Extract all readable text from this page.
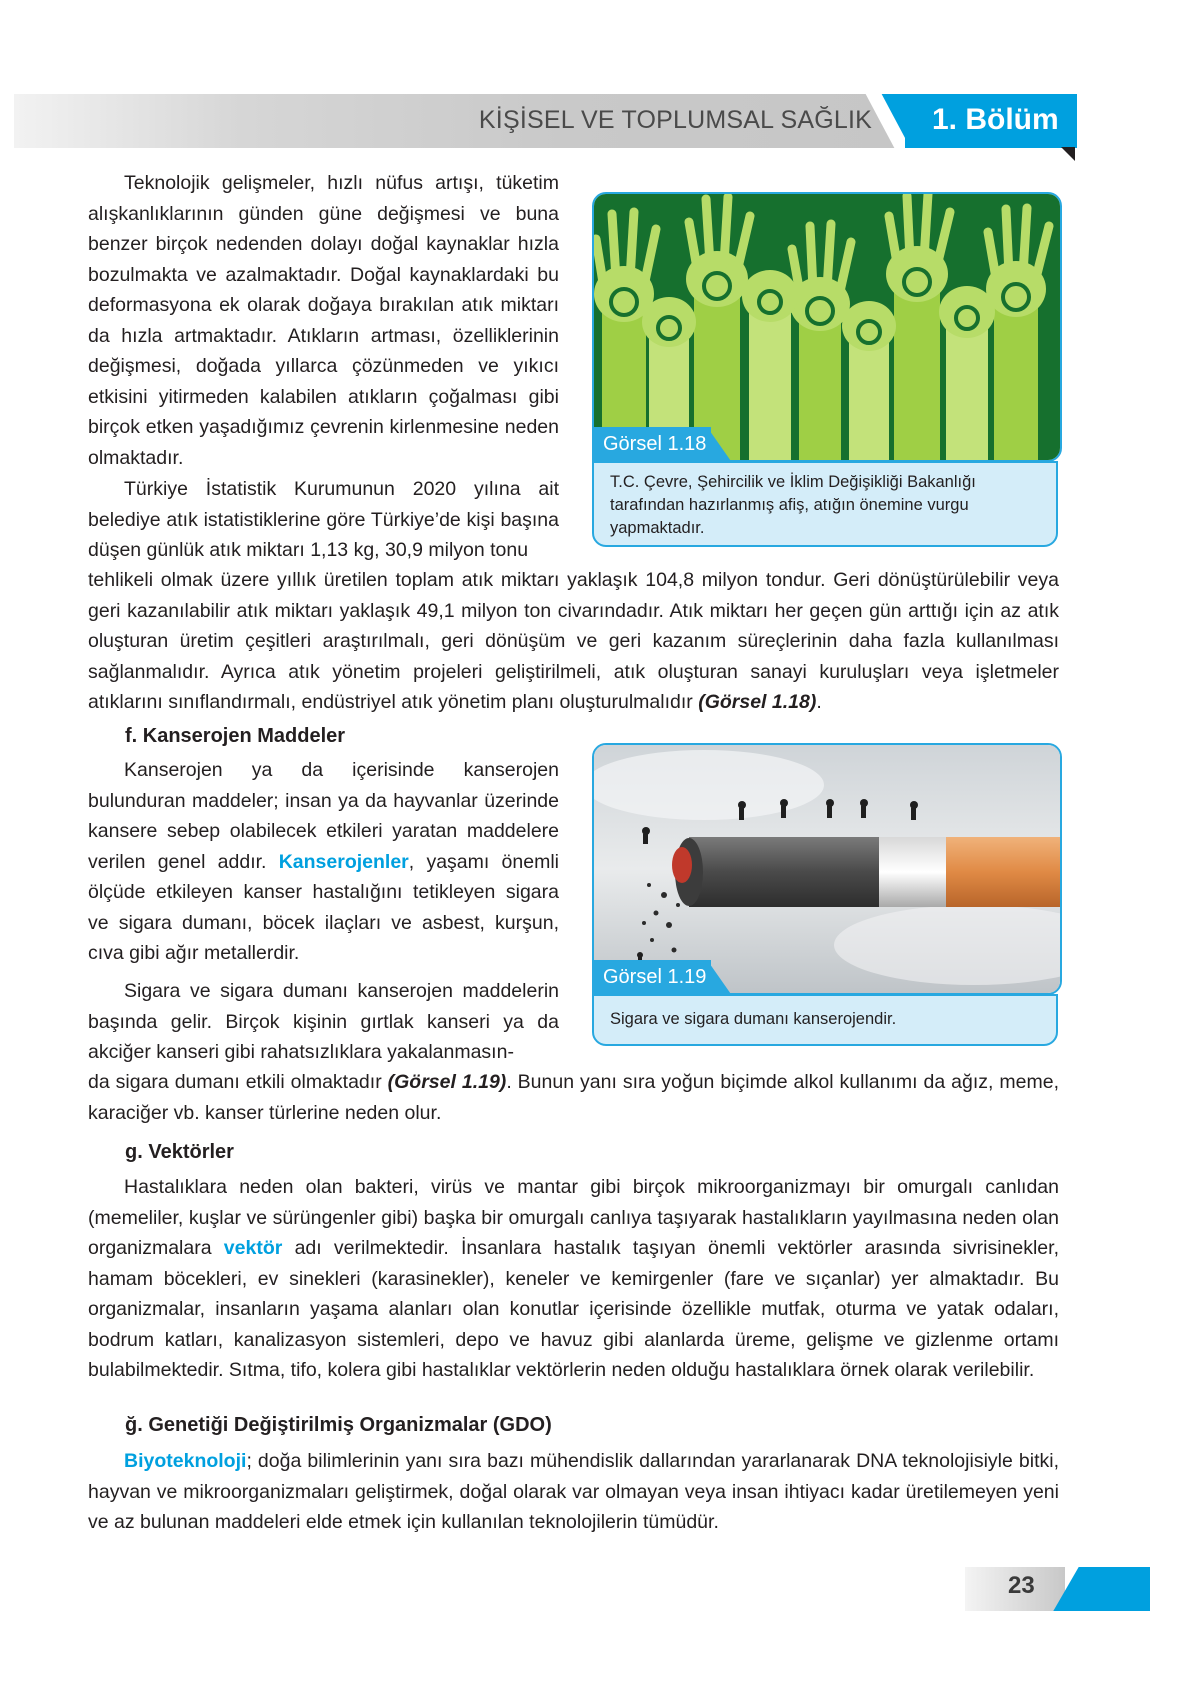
KİŞİSEL VE TOPLUMSAL SAĞLIK 1. Bölüm

Teknolojik gelişmeler, hızlı nüfus artışı, tüketim alışkanlıklarının günden güne değişmesi ve buna benzer birçok nedenden dolayı doğal kaynaklar hızla bozulmakta ve azalmaktadır. Doğal kaynaklardaki bu deformasyona ek olarak doğaya bırakılan atık miktarı da hızla artmaktadır. Atıkların artması, özelliklerinin değişmesi, doğada yıllarca çözünmeden ve yıkıcı etkisini yitirmeden kalabilen atıkların çoğalması gibi birçok etken yaşadığımız çevrenin kirlenmesine neden olmaktadır.

Türkiye İstatistik Kurumunun 2020 yılına ait belediye atık istatistiklerine göre Türkiye’de kişi başına düşen günlük atık miktarı 1,13 kg, 30,9 milyon tonu

tehlikeli olmak üzere yıllık üretilen toplam atık miktarı yaklaşık 104,8 milyon tondur. Geri dönüştürülebilir veya geri kazanılabilir atık miktarı yaklaşık 49,1 milyon ton civarındadır. Atık miktarı her geçen gün arttığı için az atık oluşturan üretim çeşitleri araştırılmalı, geri dönüşüm ve geri kazanım süreçlerinin daha fazla kullanılması sağlanmalıdır. Ayrıca atık yönetim projeleri geliştirilmeli, atık oluşturan sanayi kuruluşları veya işletmeler atıklarını sınıflandırmalı, endüstriyel atık yönetim planı oluşturulmalıdır (Görsel 1.18).

Görsel 1.18
T.C. Çevre, Şehircilik ve İklim Değişikliği Bakanlığı tarafından hazırlanmış afiş, atığın önemine vurgu yapmaktadır.
f. Kanserojen Maddeler

Kanserojen ya da içerisinde kanserojen bulunduran maddeler; insan ya da hayvanlar üzerinde kansere sebep olabilecek etkileri yaratan maddelere verilen genel addır. Kanserojenler, yaşamı önemli ölçüde etkileyen kanser hastalığını tetikleyen sigara ve sigara dumanı, böcek ilaçları ve asbest, kurşun, cıva gibi ağır metallerdir.

Sigara ve sigara dumanı kanserojen maddelerin başında gelir. Birçok kişinin gırtlak kanseri ya da akciğer kanseri gibi rahatsızlıklara yakalanmasın-

da sigara dumanı etkili olmaktadır (Görsel 1.19). Bunun yanı sıra yoğun biçimde alkol kullanımı da ağız, meme, karaciğer vb. kanser türlerine neden olur.

Görsel 1.19
Sigara ve sigara dumanı kanserojendir.
g. Vektörler

Hastalıklara neden olan bakteri, virüs ve mantar gibi birçok mikroorganizmayı bir omurgalı canlıdan (memeliler, kuşlar ve sürüngenler gibi) başka bir omurgalı canlıya taşıyarak hastalıkların yayılmasına neden olan organizmalara vektör adı verilmektedir. İnsanlara hastalık taşıyan önemli vektörler arasında sivrisinekler, hamam böcekleri, ev sinekleri (karasinekler), keneler ve kemirgenler (fare ve sıçanlar) yer almaktadır. Bu organizmalar, insanların yaşama alanları olan konutlar içerisinde özellikle mutfak, oturma ve yatak odaları, bodrum katları, kanalizasyon sistemleri, depo ve havuz gibi alanlarda üreme, gelişme ve gizlenme ortamı bulabilmektedir. Sıtma, tifo, kolera gibi hastalıklar vektörlerin neden olduğu hastalıklara örnek olarak verilebilir.

ğ. Genetiği Değiştirilmiş Organizmalar (GDO)

Biyoteknoloji; doğa bilimlerinin yanı sıra bazı mühendislik dallarından yararlanarak DNA teknolojisiyle bitki, hayvan ve mikroorganizmaları geliştirmek, doğal olarak var olmayan veya insan ihtiyacı kadar üretilemeyen yeni ve az bulunan maddeleri elde etmek için kullanılan teknolojilerin tümüdür.

23
